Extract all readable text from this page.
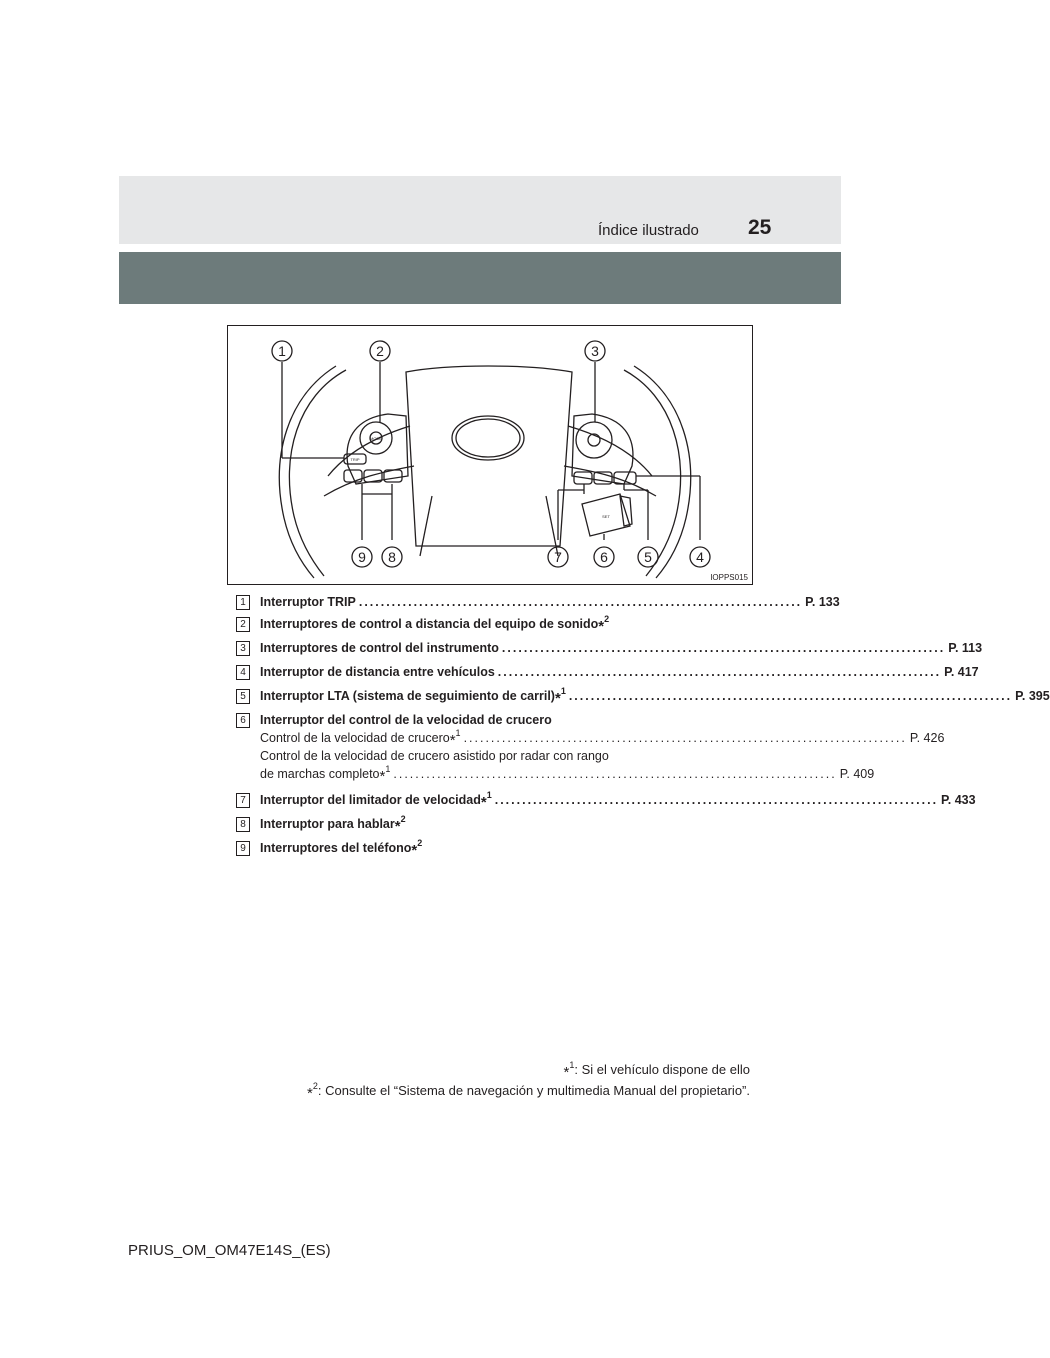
Índice ilustrado 25
1	2	3
4
5
6
7
8
9
TRIP
MODE
SET
IOPPS015
1	Interruptor TRIP ................................................................................. P. 133
2	Interruptores de control a distancia del equipo de sonido*$^2$
3	Interruptores de control del instrumento ................................................................................. P. 113
4	Interruptor de distancia entre vehículos ................................................................................. P. 417
5	Interruptor LTA (sistema de seguimiento de carril)*$^1$ ................................................................................. P. 395
6	Interruptor del control de la velocidad de crucero
Control de la velocidad de crucero*$^1$ ................................................................................. P. 426
Control de la velocidad de crucero asistido por radar con rango
de marchas completo*$^1$ ................................................................................. P. 409
7	Interruptor del limitador de velocidad*$^1$ ................................................................................. P. 433
8	Interruptor para hablar*$^2$
9	Interruptores del teléfono*$^2$
*$^1$: Si el vehículo dispone de ello
*$^2$: Consulte el “Sistema de navegación y multimedia Manual del propietario”.
PRIUS_OM_OM47E14S_(ES)
